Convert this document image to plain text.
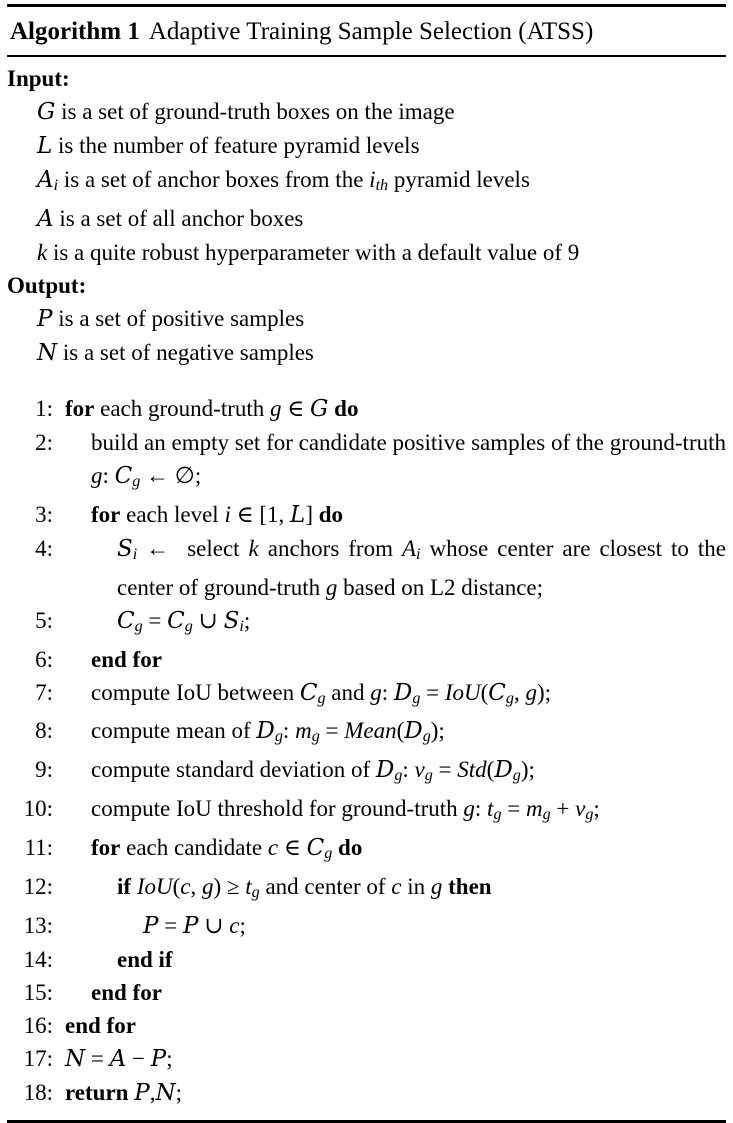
Algorithm 1 Adaptive Training Sample Selection (ATSS)
Input:
G is a set of ground-truth boxes on the image
L is the number of feature pyramid levels
Ai is a set of anchor boxes from the ith pyramid levels
A is a set of all anchor boxes
k is a quite robust hyperparameter with a default value of 9
Output:
P is a set of positive samples
N is a set of negative samples
1: for each ground-truth g ∈ G do
2:	build an empty set for candidate positive samples of the ground-truth g: Cg ← ∅;
3:	for each level i ∈ [1, L] do
4:	Si ←  select k anchors from Ai whose center are closest to the center of ground-truth g based on L2 distance;
5:	Cg = Cg ∪ Si;
6:	end for
7:	compute IoU between Cg and g: Dg = IoU(Cg, g);
8:	compute mean of Dg: mg = Mean(Dg);
9:	compute standard deviation of Dg: vg = Std(Dg);
10:	compute IoU threshold for ground-truth g: tg = mg + vg;
11:	for each candidate c ∈ Cg do
12:	if IoU(c, g) ≥ tg and center of c in g then
13:	P = P ∪ c;
14:	end if
15:	end for
16: end for
17: N = A − P;
18: return P,N;
